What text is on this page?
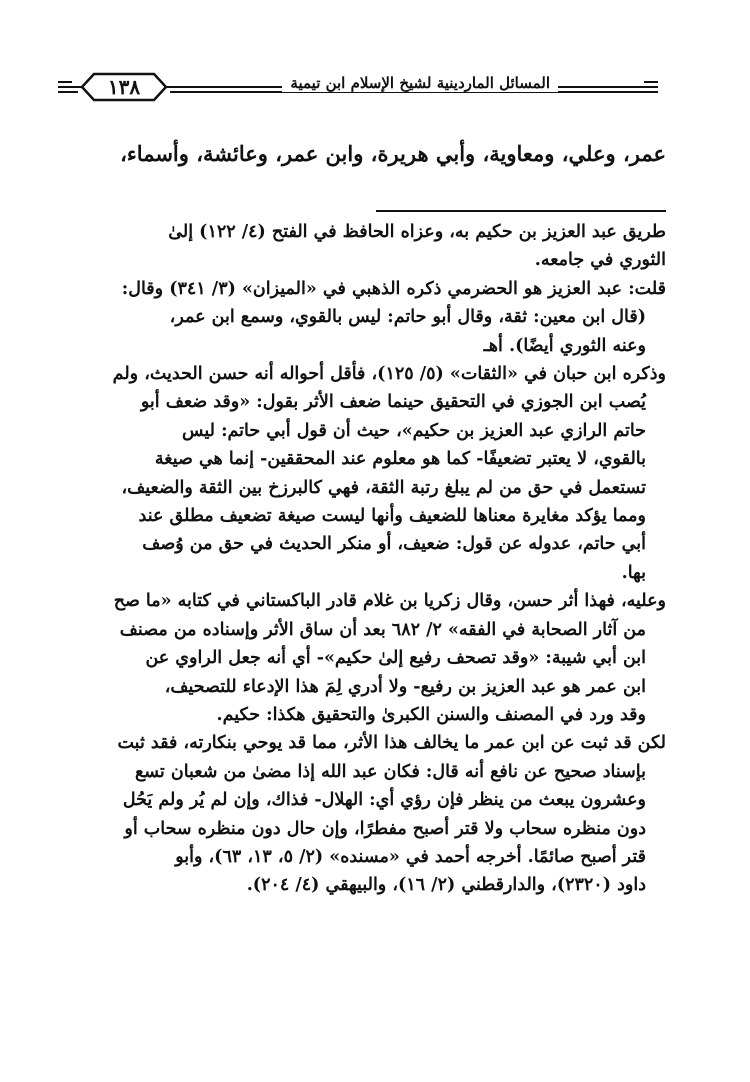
المسائل الماردينية لشيخ الإسلام ابن تيمية
١٣٨
عمر، وعلي، ومعاوية، وأبي هريرة، وابن عمر، وعائشة، وأسماء،
طريق عبد العزيز بن حكيم به، وعزاه الحافظ في الفتح (٤/ ١٢٢) إلىٰ
الثوري في جامعه.
قلت: عبد العزيز هو الحضرمي ذكره الذهبي في «الميزان» (٣/ ٣٤١) وقال:
(قال ابن معين: ثقة، وقال أبو حاتم: ليس بالقوي، وسمع ابن عمر،
وعنه الثوري أيضًا). أهـ
وذكره ابن حبان في «الثقات» (٥/ ١٢٥)، فأقل أحواله أنه حسن الحديث، ولم
يُصب ابن الجوزي في التحقيق حينما ضعف الأثر بقول: «وقد ضعف أبو
حاتم الرازي عبد العزيز بن حكيم»، حيث أن قول أبي حاتم: ليس
بالقوي، لا يعتبر تضعيفًا- كما هو معلوم عند المحققين- إنما هي صيغة
تستعمل في حق من لم يبلغ رتبة الثقة، فهي كالبرزخ بين الثقة والضعيف،
ومما يؤكد مغايرة معناها للضعيف وأنها ليست صيغة تضعيف مطلق عند
أبي حاتم، عدوله عن قول: ضعيف، أو منكر الحديث في حق من وُصف
بها.
وعليه، فهذا أثر حسن، وقال زكريا بن غلام قادر الباكستاني في كتابه «ما صح
من آثار الصحابة في الفقه» ٢/ ٦٨٢ بعد أن ساق الأثر وإسناده من مصنف
ابن أبي شيبة: «وقد تصحف رفيع إلىٰ حكيم»- أي أنه جعل الراوي عن
ابن عمر هو عبد العزيز بن رفيع- ولا أدري لِمَ هذا الإدعاء للتصحيف،
وقد ورد في المصنف والسنن الكبرىٰ والتحقيق هكذا: حكيم.
لكن قد ثبت عن ابن عمر ما يخالف هذا الأثر، مما قد يوحي بنكارته، فقد ثبت
بإسناد صحيح عن نافع أنه قال: فكان عبد الله إذا مضىٰ من شعبان تسع
وعشرون يبعث من ينظر فإن رؤي أي: الهلال- فذاك، وإن لم يُر ولم يَحُل
دون منظره سحاب ولا قتر أصبح مفطرًا، وإن حال دون منظره سحاب أو
قتر أصبح صائمًا. أخرجه أحمد في «مسنده» (٢/ ٥، ١٣، ٦٣)، وأبو
داود (٢٣٢٠)، والدارقطني (٢/ ١٦)، والبيهقي (٤/ ٢٠٤).
